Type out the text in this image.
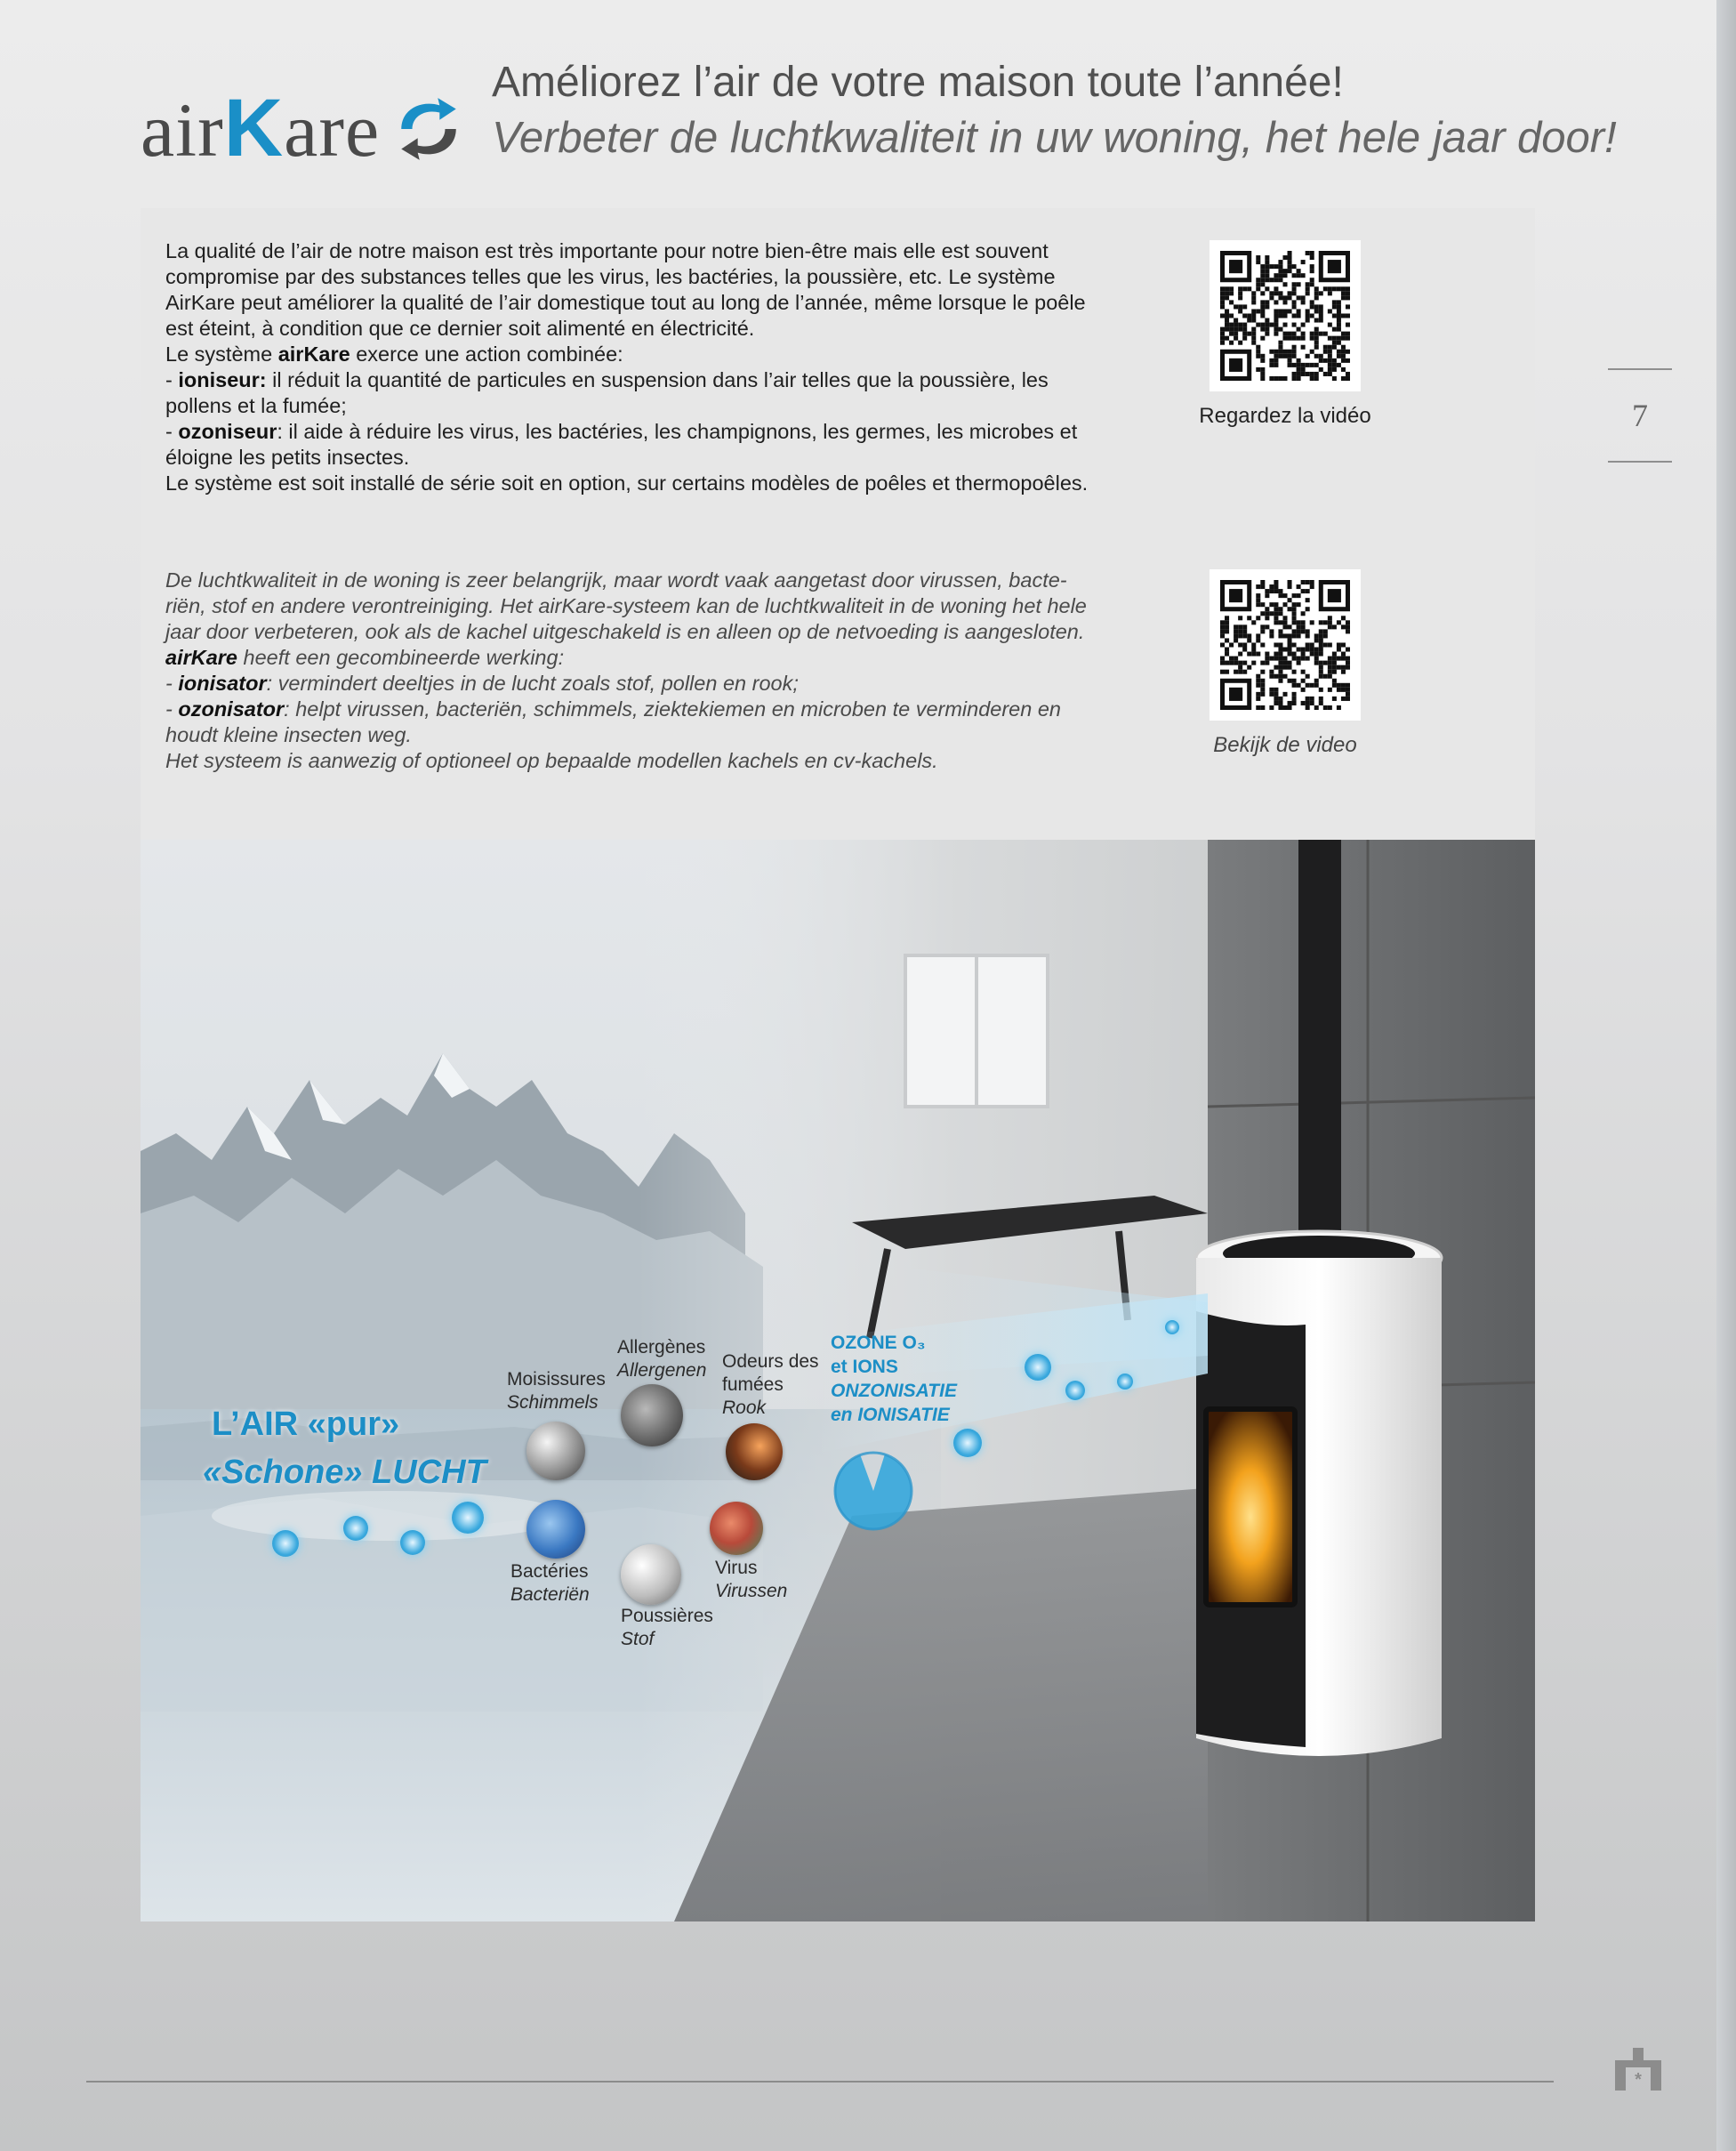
airKare
Améliorez l’air de votre maison toute l’année!
Verbeter de luchtkwaliteit in uw woning, het hele jaar door!
La qualité de l’air de notre maison est très importante pour notre bien-être mais elle est souvent
compromise par des substances telles que les virus, les bactéries, la poussière, etc. Le système
AirKare peut améliorer la qualité de l’air domestique tout au long de l’année, même lorsque le poêle
est éteint, à condition que ce dernier soit alimenté en électricité.
Le système airKare exerce une action combinée:
- ioniseur: il réduit la quantité de particules en suspension dans l’air telles que la poussière, les
pollens et la fumée;
- ozoniseur: il aide à réduire les virus, les bactéries, les champignons, les germes, les microbes et
éloigne les petits insectes.
Le système est soit installé de série soit en option, sur certains modèles de poêles et thermopoêles.
Regardez la vidéo
De luchtkwaliteit in de woning is zeer belangrijk, maar wordt vaak aangetast door virussen, bacte-
riën, stof en andere verontreiniging. Het airKare-systeem kan de luchtkwaliteit in de woning het hele
jaar door verbeteren, ook als de kachel uitgeschakeld is en alleen op de netvoeding is aangesloten.
airKare heeft een gecombineerde werking:
- ionisator: vermindert deeltjes in de lucht zoals stof, pollen en rook;
- ozonisator: helpt virussen, bacteriën, schimmels, ziektekiemen en microben te verminderen en
houdt kleine insecten weg.
Het systeem is aanwezig of optioneel op bepaalde modellen kachels en cv-kachels.
Bekijk de video
7
L’AIR «pur»
«Schone» LUCHT
OZONE O₃
et IONS
ONZONISATIE
en IONISATIE
Moisissures
Schimmels
Allergènes
Allergenen Odeurs des
fumées
Rook
Bactéries
Bacteriën
Poussières
Stof
Virus
Virussen
*
